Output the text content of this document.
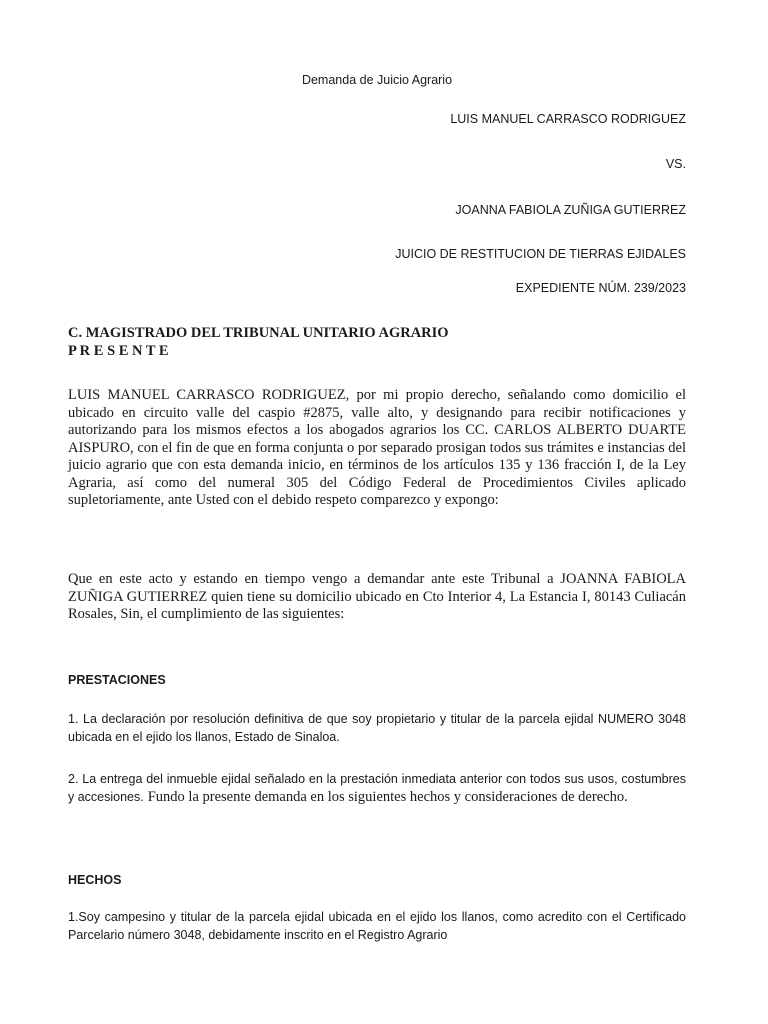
Demanda de Juicio Agrario
LUIS MANUEL CARRASCO RODRIGUEZ
VS.
JOANNA FABIOLA ZUÑIGA GUTIERREZ
JUICIO DE RESTITUCION DE TIERRAS EJIDALES
EXPEDIENTE NÚM. 239/2023
C. MAGISTRADO DEL TRIBUNAL UNITARIO AGRARIO
P R E S E N T E

LUIS MANUEL CARRASCO RODRIGUEZ, por mi propio derecho, señalando como domicilio el ubicado en circuito valle del caspio #2875, valle alto, y designando para recibir notificaciones y autorizando para los mismos efectos a los abogados agrarios los CC. CARLOS ALBERTO DUARTE AISPURO, con el fin de que en forma conjunta o por separado prosigan todos sus trámites e instancias del juicio agrario que con esta demanda inicio, en términos de los artículos 135 y 136 fracción I, de la Ley Agraria, así como del numeral 305 del Código Federal de Procedimientos Civiles aplicado supletoriamente, ante Usted con el debido respeto comparezco y expongo:

Que en este acto y estando en tiempo vengo a demandar ante este Tribunal a JOANNA FABIOLA ZUÑIGA GUTIERREZ quien tiene su domicilio ubicado en Cto Interior 4, La Estancia I, 80143 Culiacán Rosales, Sin, el cumplimiento de las siguientes:

PRESTACIONES

1. La declaración por resolución definitiva de que soy propietario y titular de la parcela ejidal NUMERO 3048 ubicada en el ejido los llanos, Estado de Sinaloa.

2. La entrega del inmueble ejidal señalado en la prestación inmediata anterior con todos sus usos, costumbres y accesiones. Fundo la presente demanda en los siguientes hechos y consideraciones de derecho.

HECHOS

1.Soy campesino y titular de la parcela ejidal ubicada en el ejido los llanos, como acredito con el Certificado Parcelario número 3048, debidamente inscrito en el Registro Agrario
